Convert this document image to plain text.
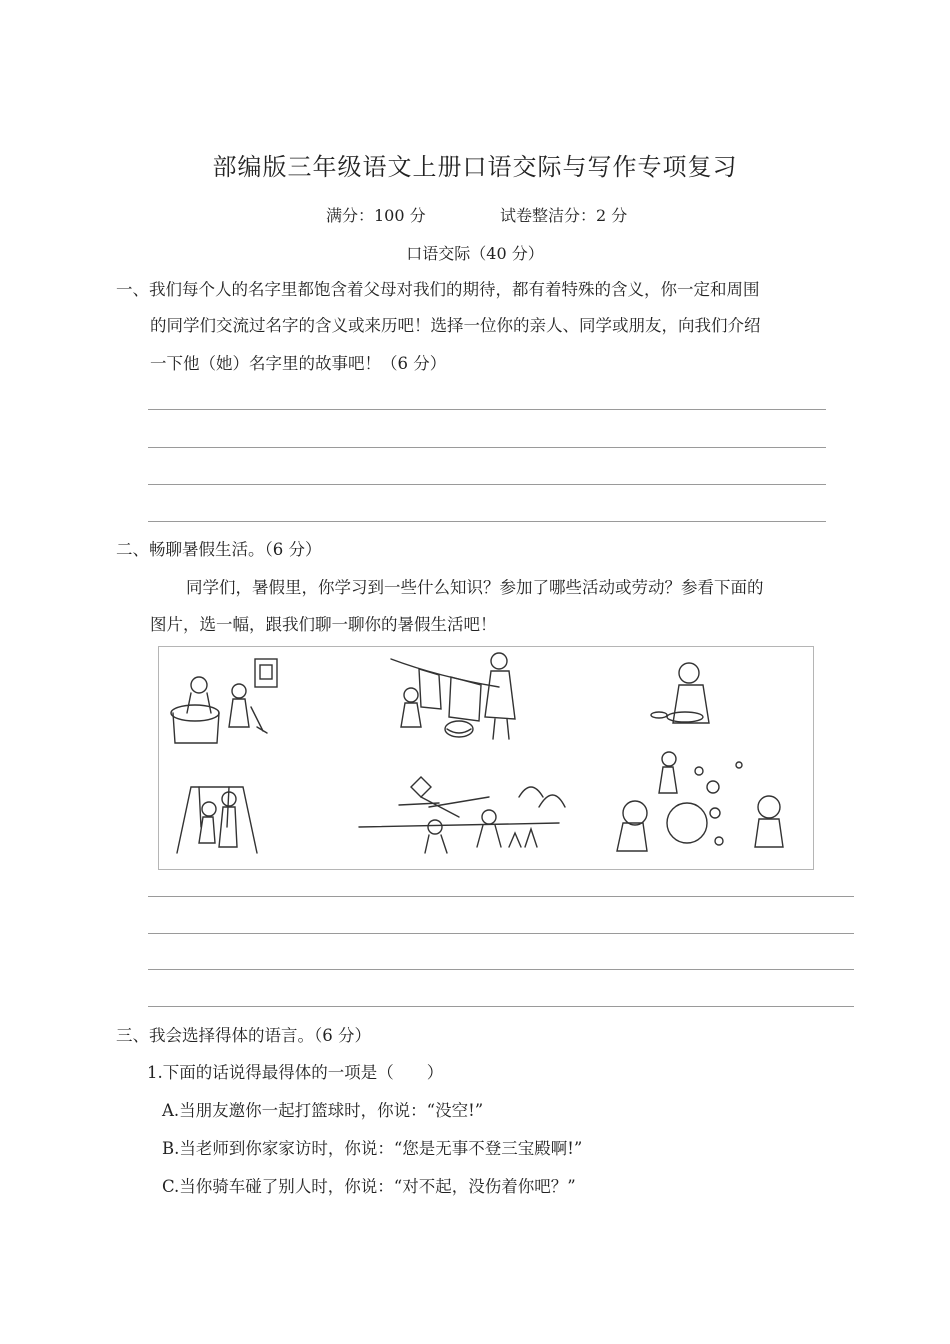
部编版三年级语文上册口语交际与写作专项复习
满分：100 分	试卷整洁分：2 分
口语交际（40 分）
一、我们每个人的名字里都饱含着父母对我们的期待，都有着特殊的含义，你一定和周围
的同学们交流过名字的含义或来历吧！选择一位你的亲人、同学或朋友，向我们介绍
一下他（她）名字里的故事吧！（6 分）
二、畅聊暑假生活。（6 分）
同学们，暑假里，你学习到一些什么知识？参加了哪些活动或劳动？参看下面的
图片，选一幅，跟我们聊一聊你的暑假生活吧！
三、我会选择得体的语言。（6 分）
1.下面的话说得最得体的一项是（　　）
A.当朋友邀你一起打篮球时，你说：“没空!”
B.当老师到你家家访时，你说：“您是无事不登三宝殿啊!”
C.当你骑车碰了别人时，你说：“对不起，没伤着你吧？”
